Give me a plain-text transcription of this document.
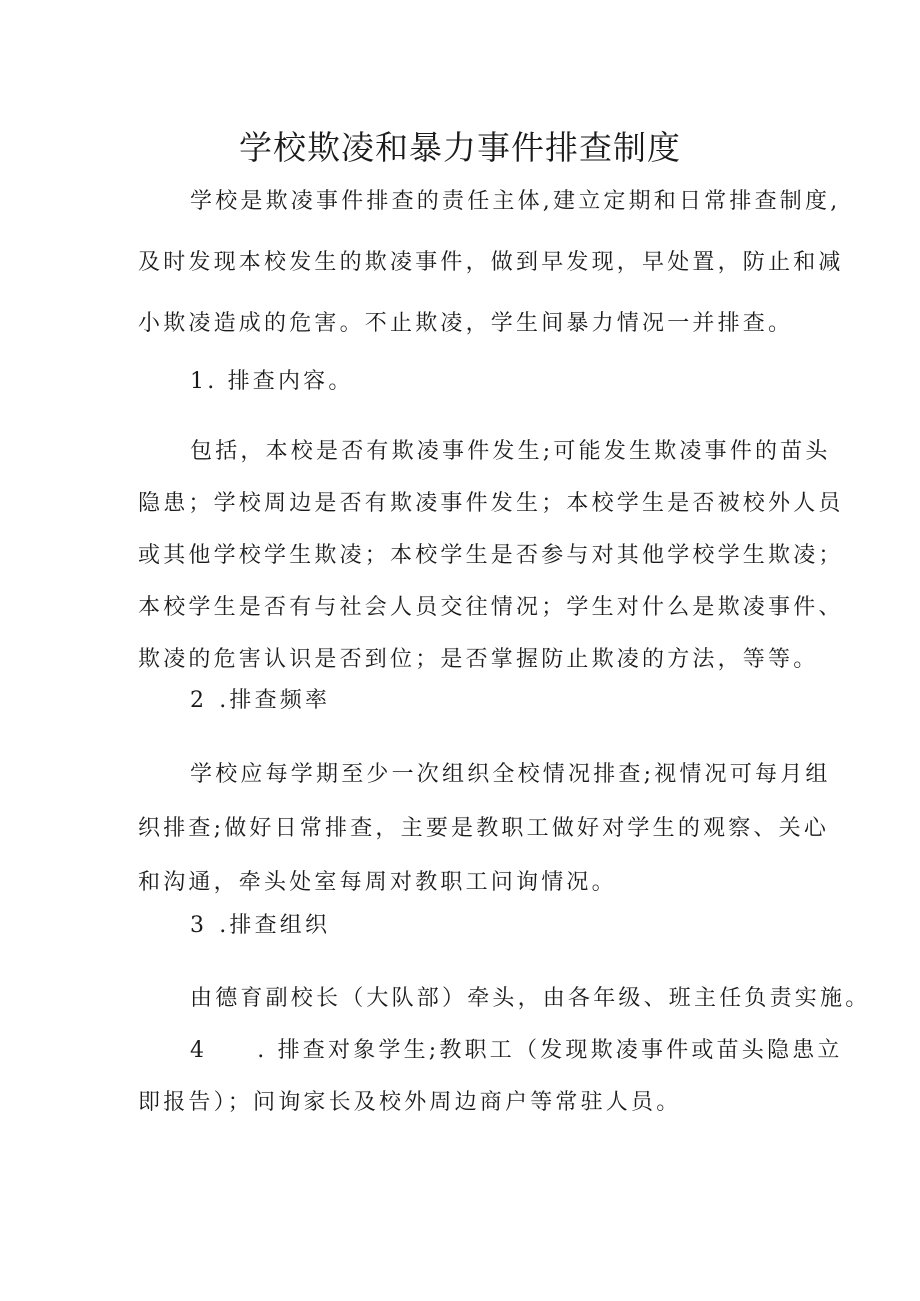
学校欺凌和暴力事件排查制度
学校是欺凌事件排查的责任主体,建立定期和日常排查制度,
及时发现本校发生的欺凌事件，做到早发现，早处置，防止和减
小欺凌造成的危害。不止欺凌，学生间暴力情况一并排查。
1. 排查内容。
包括，本校是否有欺凌事件发生;可能发生欺凌事件的苗头
隐患；学校周边是否有欺凌事件发生；本校学生是否被校外人员
或其他学校学生欺凌；本校学生是否参与对其他学校学生欺凌；
本校学生是否有与社会人员交往情况；学生对什么是欺凌事件、
欺凌的危害认识是否到位；是否掌握防止欺凌的方法，等等。
2 .排查频率
学校应每学期至少一次组织全校情况排查;视情况可每月组
织排查;做好日常排查，主要是教职工做好对学生的观察、关心
和沟通，牵头处室每周对教职工问询情况。
3 .排查组织
由德育副校长（大队部）牵头，由各年级、班主任负责实施。
4 . 排查对象学生;教职工（发现欺凌事件或苗头隐患立
即报告）；问询家长及校外周边商户等常驻人员。
